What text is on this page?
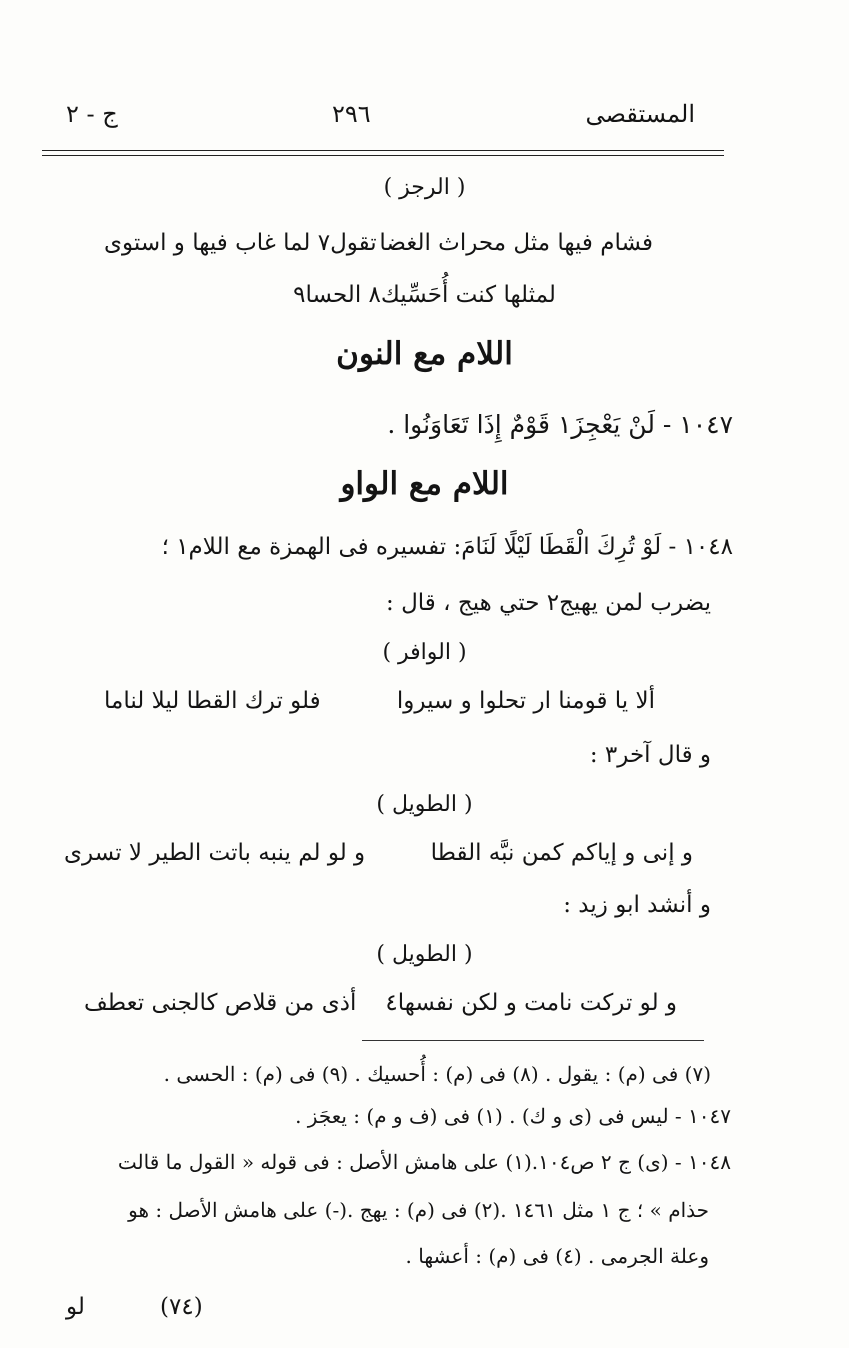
المستقصى
٢٩٦
ج - ٢
( الرجز )
فشام فيها مثل محراث الغضا
تقول٧ لما غاب فيها و استوى
لمثلها كنت أُحَسِّيك٨ الحسا٩
اللام مع النون
١٠٤٧ - لَنْ يَعْجِزَ١ قَوْمٌ إِذَا تَعَاوَنُوا .
اللام مع الواو
١٠٤٨ - لَوْ تُرِكَ الْقَطَا لَيْلًا لَنَامَ: تفسيره فى الهمزة مع اللام١ ؛
يضرب لمن يهيج٢ حتي هيج ، قال :
( الوافر )
ألا يا قومنا ار تحلوا و سيروا
فلو ترك القطا ليلا لناما
و قال آخر٣ :
( الطويل )
و إنى و إياكم كمن نبَّه القطا
و لو لم ينبه باتت الطير لا تسرى
و أنشد ابو زيد :
( الطويل )
و لو تركت نامت و لكن نفسها٤
أذى من قلاص كالجنى تعطف
(٧) فى (م) : يقول . (٨) فى (م) : أُحسيك . (٩) فى (م) : الحسى .
١٠٤٧ - ليس فى (ى و ك) . (١) فى (ف و م) : يعجَز .
١٠٤٨ - (ى) ج ٢ ص١٠٤.(١) على هامش الأصل : فى قوله « القول ما قالت
حذام » ؛ ج ١ مثل ١٤٦١ .(٢) فى (م) : يهج .(-) على هامش الأصل : هو
وعلة الجرمى . (٤) فى (م) : أعشها .
(٧٤)
لو
